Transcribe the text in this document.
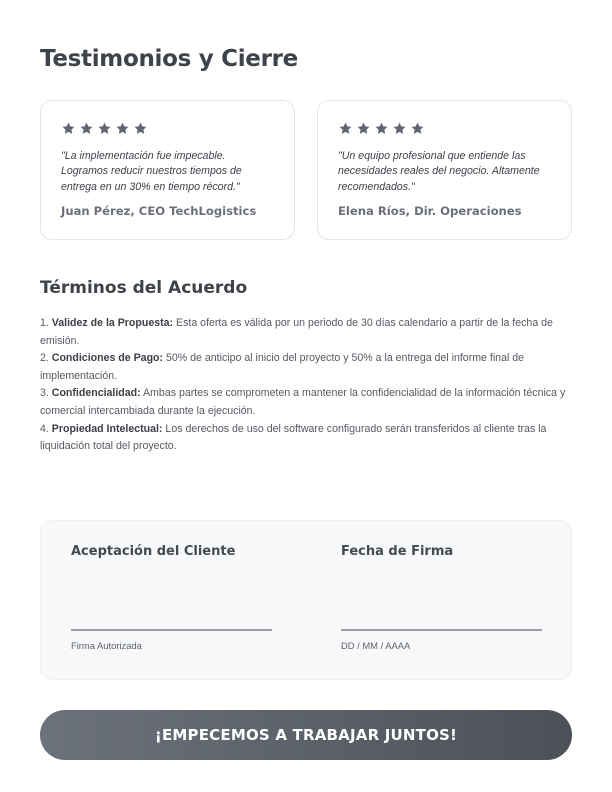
Testimonios y Cierre
"La implementación fue impecable. Logramos reducir nuestros tiempos de entrega en un 30% en tiempo récord."
Juan Pérez, CEO TechLogistics
"Un equipo profesional que entiende las necesidades reales del negocio. Altamente recomendados."
Elena Ríos, Dir. Operaciones
Términos del Acuerdo
1. Validez de la Propuesta: Esta oferta es válida por un periodo de 30 días calendario a partir de la fecha de emisión.
2. Condiciones de Pago: 50% de anticipo al inicio del proyecto y 50% a la entrega del informe final de implementación.
3. Confidencialidad: Ambas partes se comprometen a mantener la confidencialidad de la información técnica y comercial intercambiada durante la ejecución.
4. Propiedad Intelectual: Los derechos de uso del software configurado serán transferidos al cliente tras la liquidación total del proyecto.
Aceptación del Cliente
Firma Autorizada
Fecha de Firma
DD / MM / AAAA
¡EMPECEMOS A TRABAJAR JUNTOS!
